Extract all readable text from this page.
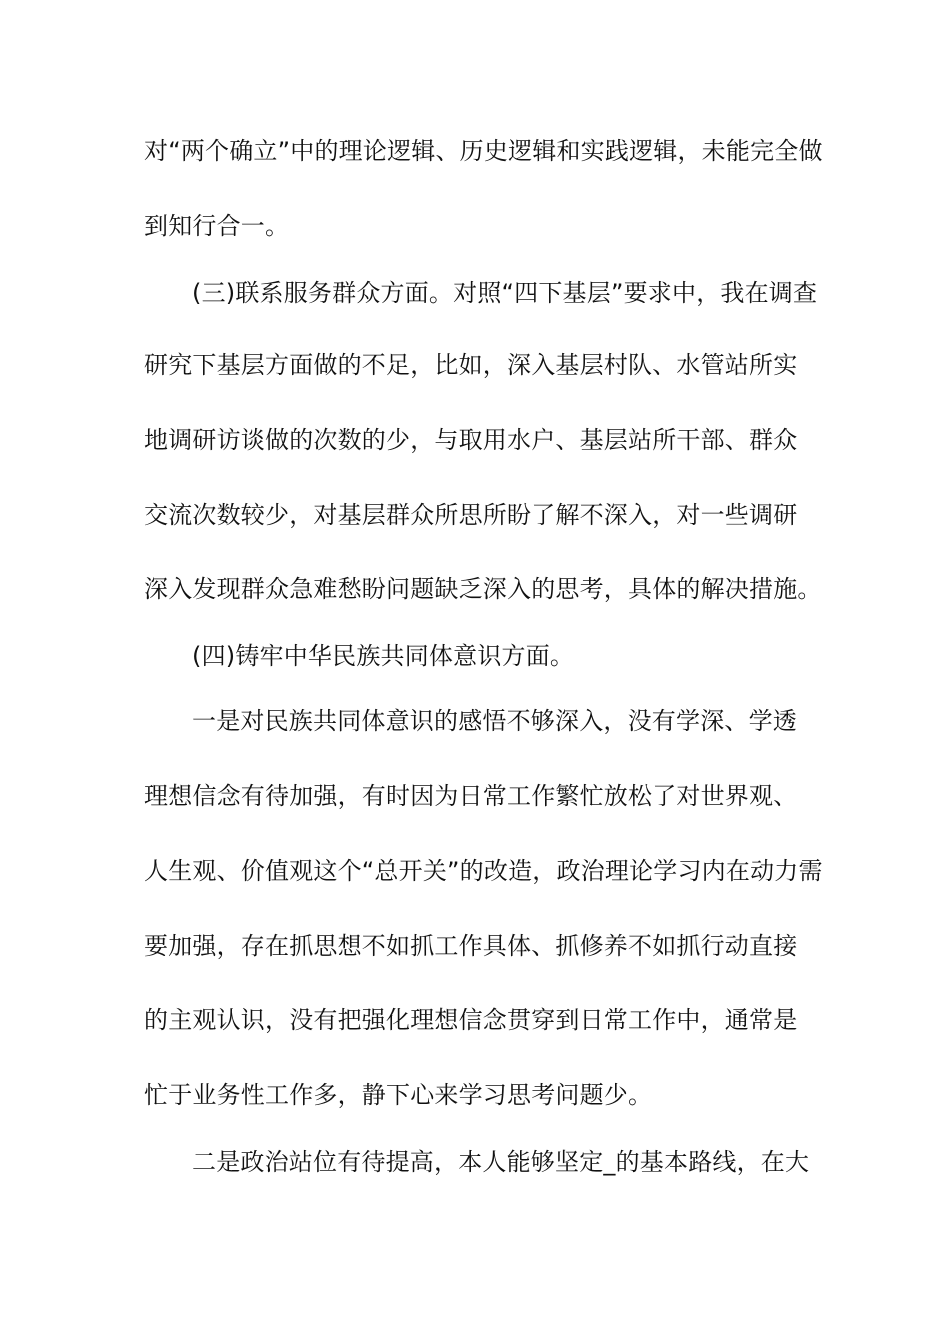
对“两个确立”中的理论逻辑、历史逻辑和实践逻辑，未能完全做
到知行合一。
(三)联系服务群众方面。对照“四下基层”要求中，我在调查
研究下基层方面做的不足，比如，深入基层村队、水管站所实
地调研访谈做的次数的少，与取用水户、基层站所干部、群众
交流次数较少，对基层群众所思所盼了解不深入，对一些调研
深入发现群众急难愁盼问题缺乏深入的思考，具体的解决措施。
(四)铸牢中华民族共同体意识方面。
一是对民族共同体意识的感悟不够深入，没有学深、学透
理想信念有待加强，有时因为日常工作繁忙放松了对世界观、
人生观、价值观这个“总开关”的改造，政治理论学习内在动力需
要加强，存在抓思想不如抓工作具体、抓修养不如抓行动直接
的主观认识，没有把强化理想信念贯穿到日常工作中，通常是
忙于业务性工作多，静下心来学习思考问题少。
二是政治站位有待提高，本人能够坚定_的基本路线，在大
